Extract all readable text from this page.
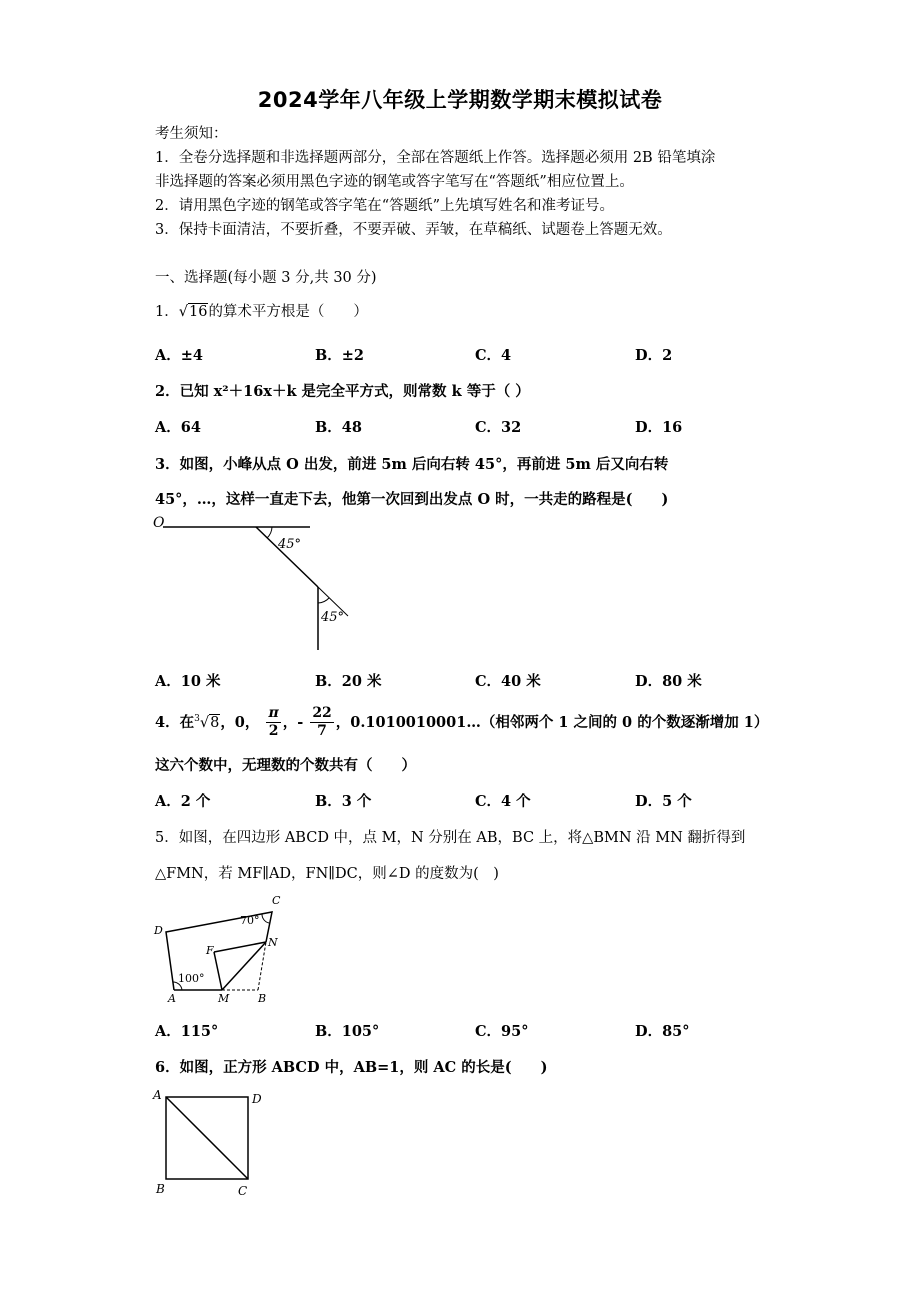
2024学年八年级上学期数学期末模拟试卷
考生须知：
1．全卷分选择题和非选择题两部分，全部在答题纸上作答。选择题必须用 2B 铅笔填涂
非选择题的答案必须用黑色字迹的钢笔或答字笔写在“答题纸”相应位置上。
2．请用黑色字迹的钢笔或答字笔在“答题纸”上先填写姓名和准考证号。
3．保持卡面清洁，不要折叠，不要弄破、弄皱，在草稿纸、试题卷上答题无效。
一、选择题(每小题 3 分,共 30 分)
1．√16的算术平方根是（　　）
A．±4	B．±2	C．4	D．2
2．已知 x²＋16x＋k 是完全平方式，则常数 k 等于（ ）
A．64	B．48	C．32	D．16
3．如图，小峰从点 O 出发，前进 5m 后向右转 45°，再前进 5m 后又向右转
45°，…，这样一直走下去，他第一次回到出发点 O 时，一共走的路程是(　　)
O
45°
45°
A．10 米	B．20 米	C．40 米	D．80 米
4．在$^3$√8，0， $\frac{\pi}{2}$ ，- $\frac{22}{7}$ ，0.1010010001…（相邻两个 1 之间的 0 的个数逐渐增加 1）
这六个数中，无理数的个数共有（　　）
A．2 个	B．3 个	C．4 个	D．5 个
5．如图，在四边形 ABCD 中，点 M，N 分别在 AB，BC 上，将△BMN 沿 MN 翻折得到
△FMN，若 MF∥AD，FN∥DC，则∠D 的度数为(　)
A	M	B
D
C
F
N
70°
100°
A．115°	B．105°	C．95°	D．85°
6．如图，正方形 ABCD 中，AB=1，则 AC 的长是(　　)
A	D
B	C
